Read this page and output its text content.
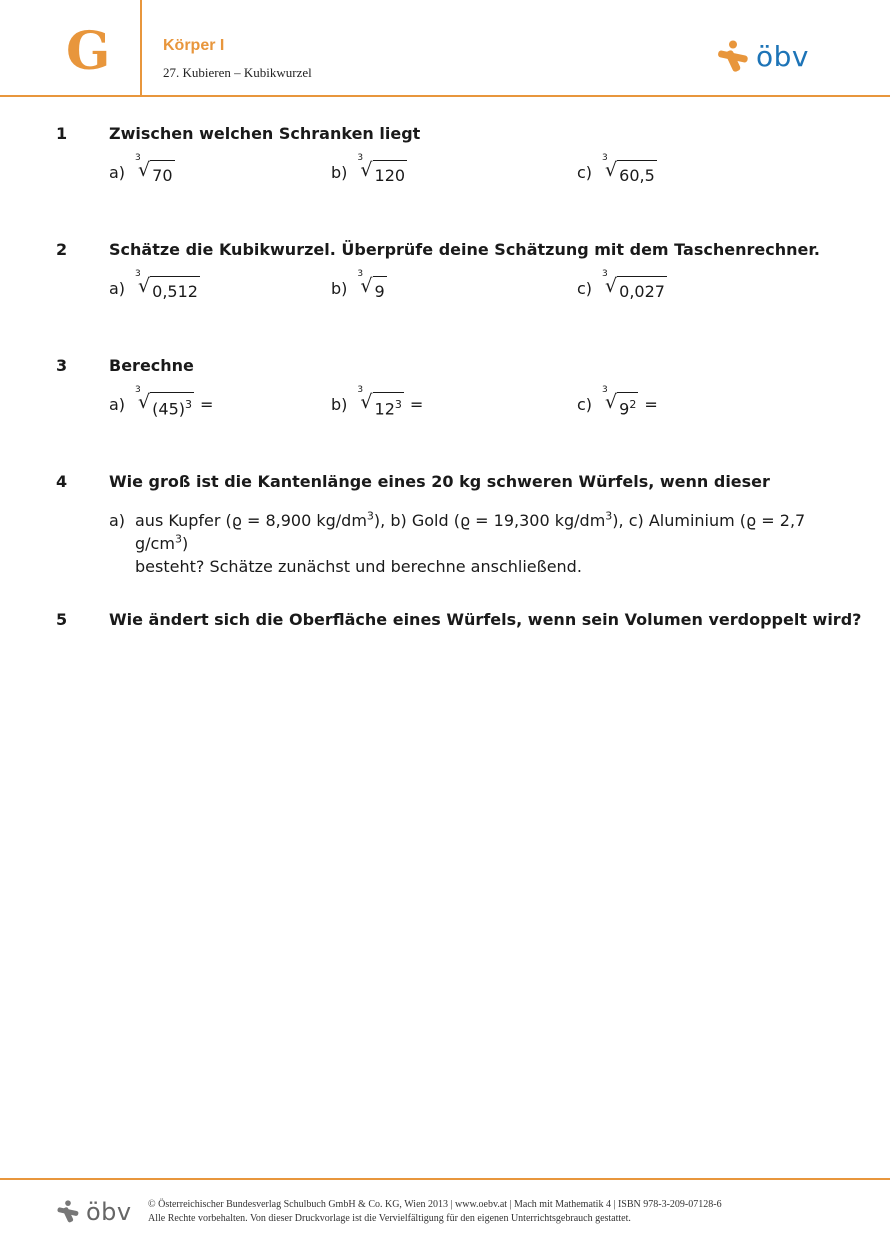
G	Körper I
27. Kubieren – Kubikwurzel	öbv
1	Zwischen welchen Schranken liegt
a)
3
√ 70	b)
3
√ 120	c)
3
√ 60,5
2	Schätze die Kubikwurzel. Überprüfe deine Schätzung mit dem Taschenrechner.
a)
3
√ 0,512	b)
3
√ 9	c)
3
√ 0,027
3	Berechne
a)
3
√ $(45)^3$ =	b)
3
√ $12^3$ =	c)
3
√ $9^2$ =
4	Wie groß ist die Kantenlänge eines 20 kg schweren Würfels, wenn dieser
a) aus Kupfer (ϱ = 8,900 $kg/dm^3$), b) Gold (ϱ = 19,300 $kg/dm^3$), c) Aluminium (ϱ = 2,7 $g/cm^3$)
besteht? Schätze zunächst und berechne anschließend.
5	Wie ändert sich die Oberfläche eines Würfels, wenn sein Volumen verdoppelt wird?
öbv © Österreichischer Bundesverlag Schulbuch GmbH & Co. KG, Wien 2013 | www.oebv.at | Mach mit Mathematik 4 | ISBN 978-3-209-07128-6
Alle Rechte vorbehalten. Von dieser Druckvorlage ist die Vervielfältigung für den eigenen Unterrichtsgebrauch gestattet.
